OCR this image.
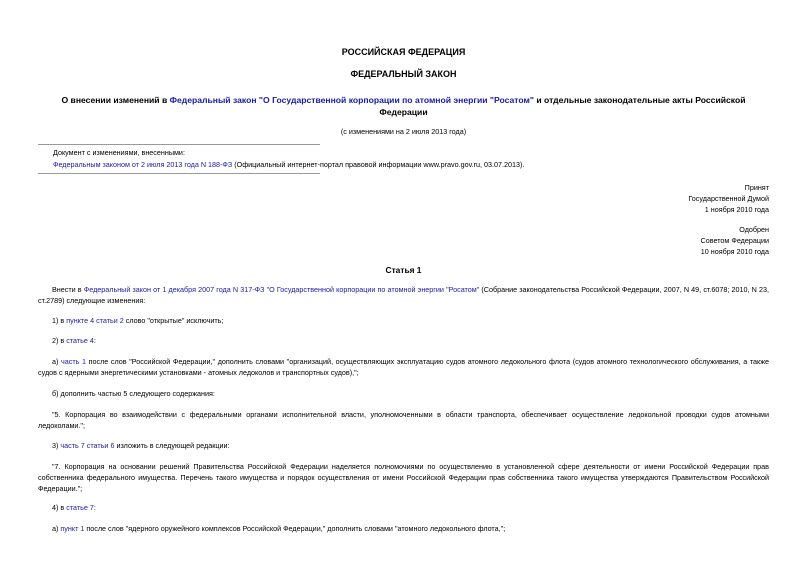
РОССИЙСКАЯ ФЕДЕРАЦИЯ
ФЕДЕРАЛЬНЫЙ ЗАКОН
О внесении изменений в Федеральный закон "О Государственной корпорации по атомной энергии "Росатом" и отдельные законодательные акты Российской Федерации
(с изменениями на 2 июля 2013 года)
Документ с изменениями, внесенными:
Федеральным законом от 2 июля 2013 года N 188-ФЗ (Официальный интернет-портал правовой информации www.pravo.gov.ru, 03.07.2013).
Принят
Государственной Думой
1 ноября 2010 года
Одобрен
Советом Федерации
10 ноября 2010 года
Статья 1
Внести в Федеральный закон от 1 декабря 2007 года N 317-ФЗ "О Государственной корпорации по атомной энергии "Росатом" (Собрание законодательства Российской Федерации, 2007, N 49, ст.6078; 2010, N 23, ст.2789) следующие изменения:
1) в пункте 4 статьи 2 слово "открытые" исключить;
2) в статье 4:
а) часть 1 после слов "Российской Федерации," дополнить словами "организаций, осуществляющих эксплуатацию судов атомного ледокольного флота (судов атомного технологического обслуживания, а также судов с ядерными энергетическими установками - атомных ледоколов и транспортных судов),";
б) дополнить частью 5 следующего содержания:
"5. Корпорация во взаимодействии с федеральными органами исполнительной власти, уполномоченными в области транспорта, обеспечивает осуществление ледокольной проводки судов атомными ледоколами.";
3) часть 7 статьи 6 изложить в следующей редакции:
"7. Корпорация на основании решений Правительства Российской Федерации наделяется полномочиями по осуществлению в установленной сфере деятельности от имени Российской Федерации прав собственника федерального имущества. Перечень такого имущества и порядок осуществления от имени Российской Федерации прав собственника такого имущества утверждаются Правительством Российской Федерации.";
4) в статье 7:
а) пункт 1 после слов "ядерного оружейного комплексов Российской Федерации," дополнить словами "атомного ледокольного флота,";
